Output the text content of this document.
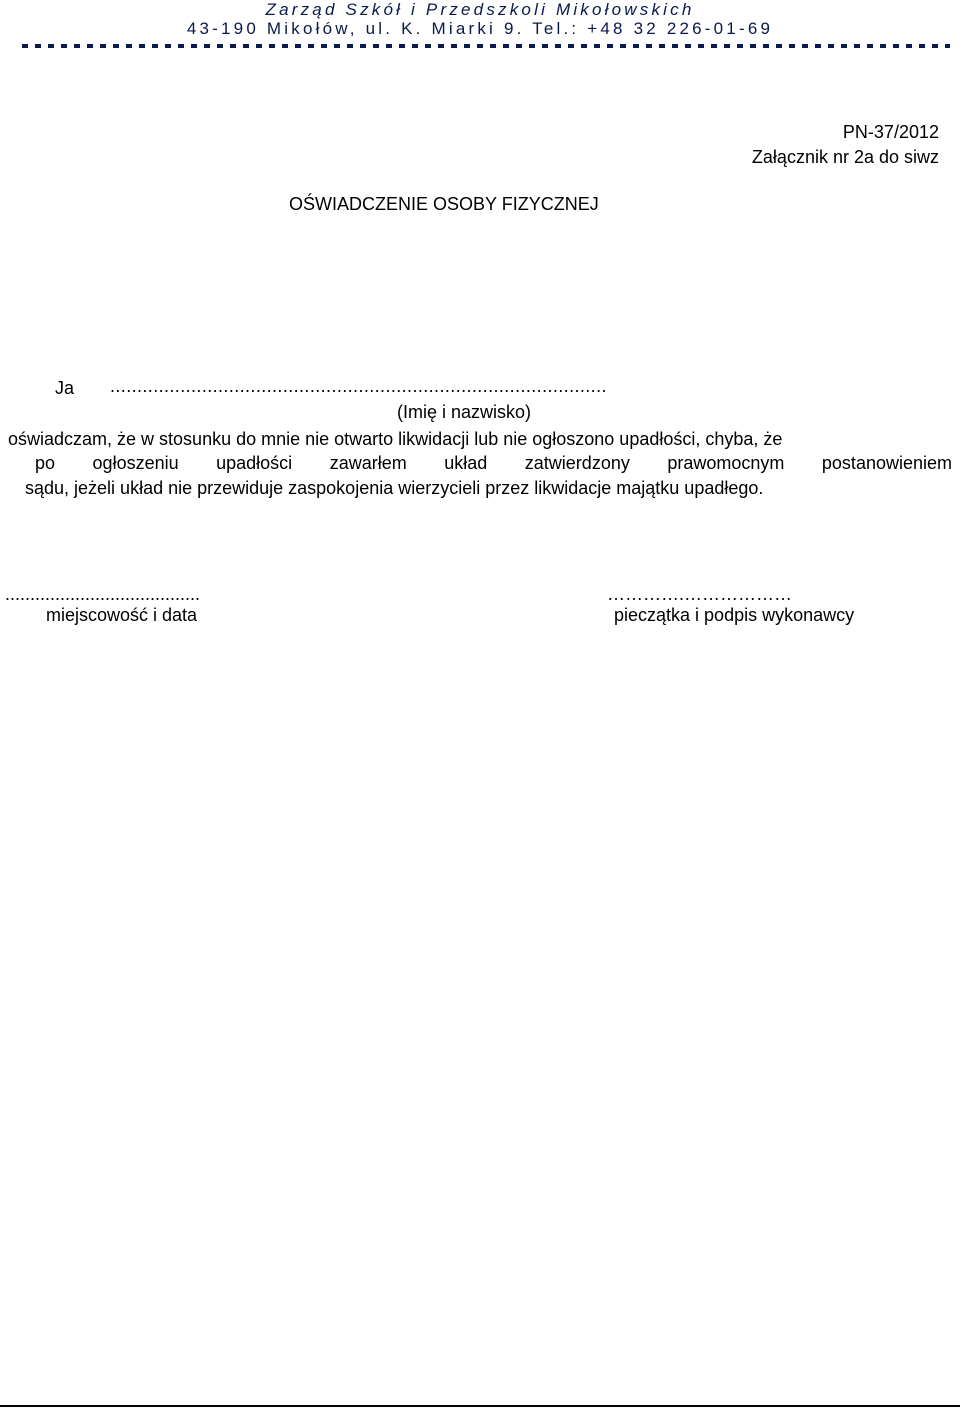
Zarząd Szkół i Przedszkoli Mikołowskich
43-190 Mikołów, ul. K. Miarki 9. Tel.: +48 32 226-01-69
PN-37/2012
Załącznik nr 2a do siwz
OŚWIADCZENIE OSOBY FIZYCZNEJ
Ja ............................................................................................
(Imię i nazwisko)
oświadczam, że w stosunku do mnie nie otwarto likwidacji lub nie ogłoszono upadłości, chyba, że
po ogłoszeniu upadłości zawarłem układ zatwierdzony prawomocnym postanowieniem
sądu, jeżeli układ nie przewiduje zaspokojenia wierzycieli przez likwidacje majątku upadłego.
.......................................	………….………………
miejscowość i data	pieczątka i podpis wykonawcy
